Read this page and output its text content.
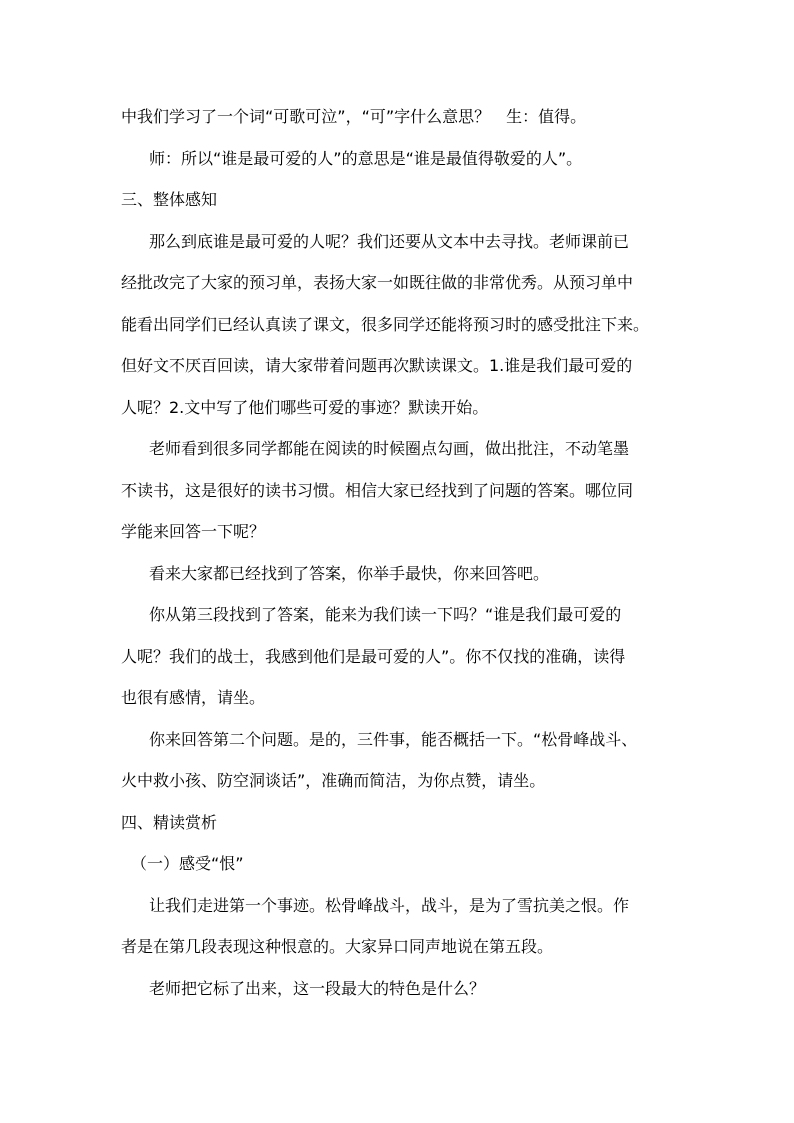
中我们学习了一个词“可歌可泣”，“可”字什么意思？　生：值得。

师：所以“谁是最可爱的人”的意思是“谁是最值得敬爱的人”。

三、整体感知

那么到底谁是最可爱的人呢？我们还要从文本中去寻找。老师课前已

经批改完了大家的预习单，表扬大家一如既往做的非常优秀。从预习单中

能看出同学们已经认真读了课文，很多同学还能将预习时的感受批注下来。

但好文不厌百回读，请大家带着问题再次默读课文。1.谁是我们最可爱的

人呢？2.文中写了他们哪些可爱的事迹？默读开始。

老师看到很多同学都能在阅读的时候圈点勾画，做出批注，不动笔墨

不读书，这是很好的读书习惯。相信大家已经找到了问题的答案。哪位同

学能来回答一下呢？

看来大家都已经找到了答案，你举手最快，你来回答吧。

你从第三段找到了答案，能来为我们读一下吗？“谁是我们最可爱的

人呢？我们的战士，我感到他们是最可爱的人”。你不仅找的准确，读得

也很有感情，请坐。

你来回答第二个问题。是的，三件事，能否概括一下。“松骨峰战斗、

火中救小孩、防空洞谈话”，准确而简洁，为你点赞，请坐。

四、精读赏析

（一）感受“恨”

让我们走进第一个事迹。松骨峰战斗，战斗，是为了雪抗美之恨。作

者是在第几段表现这种恨意的。大家异口同声地说在第五段。

老师把它标了出来，这一段最大的特色是什么？
